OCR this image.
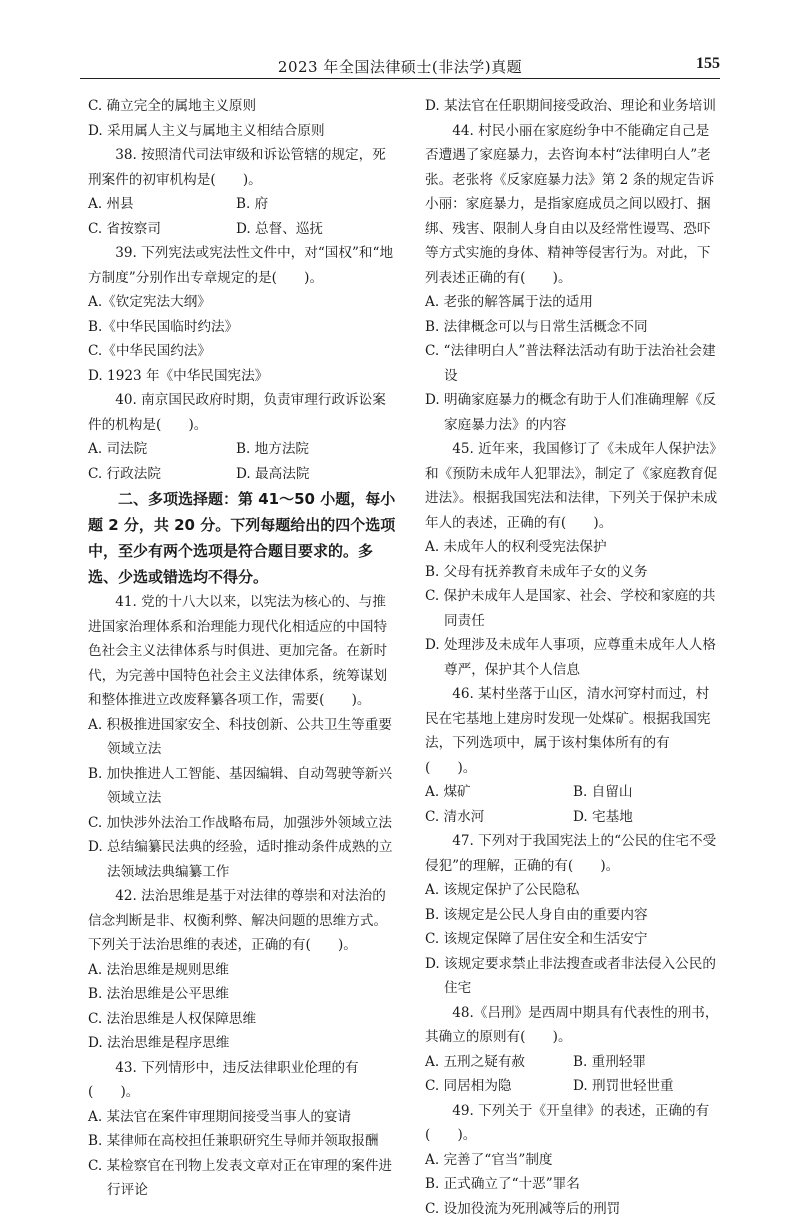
2023 年全国法律硕士(非法学)真题	155

C. 确立完全的属地主义原则

D. 采用属人主义与属地主义相结合原则

38. 按照清代司法审级和诉讼管辖的规定，死刑案件的初审机构是(　　)。

A. 州县	B. 府
C. 省按察司	D. 总督、巡抚

39. 下列宪法或宪法性文件中，对“国权”和“地方制度”分别作出专章规定的是(　　)。

A.《钦定宪法大纲》

B.《中华民国临时约法》

C.《中华民国约法》

D. 1923 年《中华民国宪法》

40. 南京国民政府时期，负责审理行政诉讼案件的机构是(　　)。

A. 司法院	B. 地方法院
C. 行政法院	D. 最高法院

二、多项选择题：第 41～50 小题，每小题 2 分，共 20 分。下列每题给出的四个选项中，至少有两个选项是符合题目要求的。多选、少选或错选均不得分。

41. 党的十八大以来，以宪法为核心的、与推进国家治理体系和治理能力现代化相适应的中国特色社会主义法律体系与时俱进、更加完备。在新时代，为完善中国特色社会主义法律体系，统筹谋划和整体推进立改废释纂各项工作，需要(　　)。

A. 积极推进国家安全、科技创新、公共卫生等重要领域立法

B. 加快推进人工智能、基因编辑、自动驾驶等新兴领域立法

C. 加快涉外法治工作战略布局，加强涉外领域立法

D. 总结编纂民法典的经验，适时推动条件成熟的立法领域法典编纂工作

42. 法治思维是基于对法律的尊崇和对法治的信念判断是非、权衡利弊、解决问题的思维方式。下列关于法治思维的表述，正确的有(　　)。

A. 法治思维是规则思维

B. 法治思维是公平思维

C. 法治思维是人权保障思维

D. 法治思维是程序思维

43. 下列情形中，违反法律职业伦理的有(　　)。

A. 某法官在案件审理期间接受当事人的宴请

B. 某律师在高校担任兼职研究生导师并领取报酬

C. 某检察官在刊物上发表文章对正在审理的案件进行评论

D. 某法官在任职期间接受政治、理论和业务培训

44. 村民小丽在家庭纷争中不能确定自己是否遭遇了家庭暴力，去咨询本村“法律明白人”老张。老张将《反家庭暴力法》第 2 条的规定告诉小丽：家庭暴力，是指家庭成员之间以殴打、捆绑、残害、限制人身自由以及经常性谩骂、恐吓等方式实施的身体、精神等侵害行为。对此，下列表述正确的有(　　)。

A. 老张的解答属于法的适用

B. 法律概念可以与日常生活概念不同

C. “法律明白人”普法释法活动有助于法治社会建设

D. 明确家庭暴力的概念有助于人们准确理解《反家庭暴力法》的内容

45. 近年来，我国修订了《未成年人保护法》和《预防未成年人犯罪法》，制定了《家庭教育促进法》。根据我国宪法和法律，下列关于保护未成年人的表述，正确的有(　　)。

A. 未成年人的权利受宪法保护

B. 父母有抚养教育未成年子女的义务

C. 保护未成年人是国家、社会、学校和家庭的共同责任

D. 处理涉及未成年人事项，应尊重未成年人人格尊严，保护其个人信息

46. 某村坐落于山区，清水河穿村而过，村民在宅基地上建房时发现一处煤矿。根据我国宪法，下列选项中，属于该村集体所有的有(　　)。

A. 煤矿	B. 自留山
C. 清水河	D. 宅基地

47. 下列对于我国宪法上的“公民的住宅不受侵犯”的理解，正确的有(　　)。

A. 该规定保护了公民隐私

B. 该规定是公民人身自由的重要内容

C. 该规定保障了居住安全和生活安宁

D. 该规定要求禁止非法搜查或者非法侵入公民的住宅

48.《吕刑》是西周中期具有代表性的刑书，其确立的原则有(　　)。

A. 五刑之疑有赦	B. 重刑轻罪
C. 同居相为隐	D. 刑罚世轻世重

49. 下列关于《开皇律》的表述，正确的有(　　)。

A. 完善了“官当”制度

B. 正式确立了“十恶”罪名

C. 设加役流为死刑减等后的刑罚
